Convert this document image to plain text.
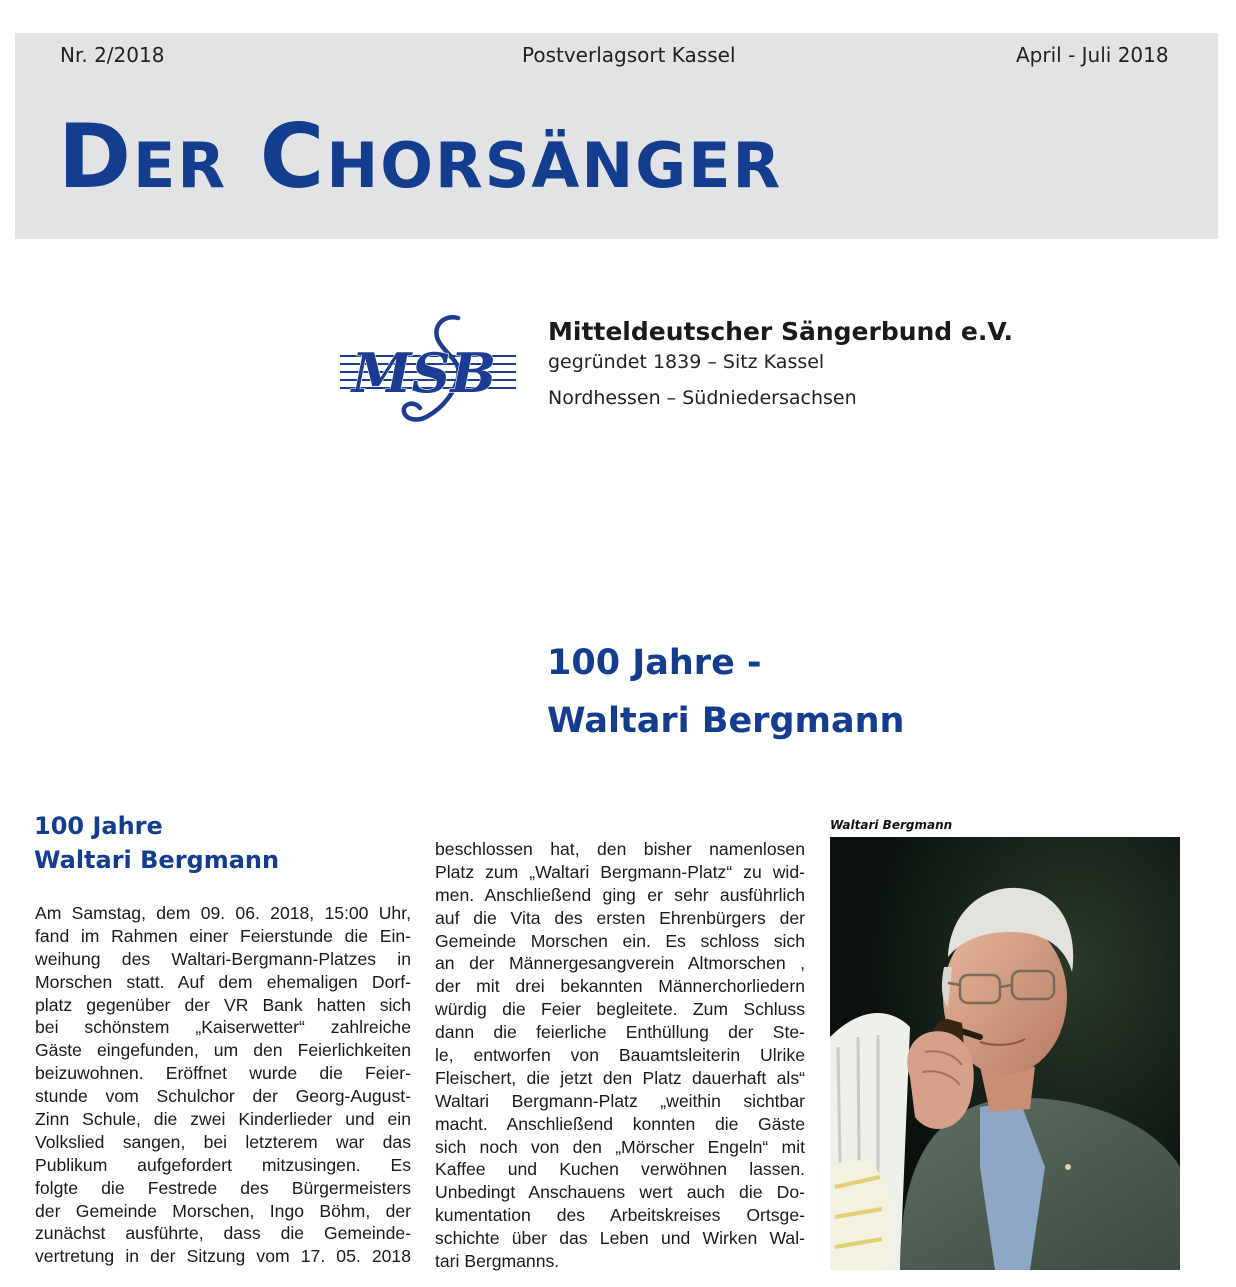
Nr. 2/2018	Postverlagsort Kassel	April - Juli 2018
Der Chorsänger
MSB
Mitteldeutscher Sängerbund e.V.
gegründet 1839 – Sitz Kassel
Nordhessen – Südniedersachsen
100 Jahre -
Waltari Bergmann
100 Jahre
Waltari Bergmann
Am Samstag, dem 09. 06. 2018, 15:00 Uhr,
fand im Rahmen einer Feierstunde die Ein-
weihung des Waltari-Bergmann-Platzes in
Morschen statt. Auf dem ehemaligen Dorf-
platz gegenüber der VR Bank hatten sich
bei schönstem „Kaiserwetter“ zahlreiche
Gäste eingefunden, um den Feierlichkeiten
beizuwohnen. Eröffnet wurde die Feier-
stunde vom Schulchor der Georg-August-
Zinn Schule, die zwei Kinderlieder und ein
Volkslied sangen, bei letzterem war das
Publikum aufgefordert mitzusingen. Es
folgte die Festrede des Bürgermeisters
der Gemeinde Morschen, Ingo Böhm, der
zunächst ausführte, dass die Gemeinde-
vertretung in der Sitzung vom 17. 05. 2018
beschlossen hat, den bisher namenlosen
Platz zum „Waltari Bergmann-Platz“ zu wid-
men. Anschließend ging er sehr ausführlich
auf die Vita des ersten Ehrenbürgers der
Gemeinde Morschen ein. Es schloss sich
an der Männergesangverein Altmorschen ,
der mit drei bekannten Männerchorliedern
würdig die Feier begleitete. Zum Schluss
dann die feierliche Enthüllung der Ste-
le, entworfen von Bauamtsleiterin Ulrike
Fleischert, die jetzt den Platz dauerhaft als“
Waltari Bergmann-Platz „weithin sichtbar
macht. Anschließend konnten die Gäste
sich noch von den „Mörscher Engeln“ mit
Kaffee und Kuchen verwöhnen lassen.
Unbedingt Anschauens wert auch die Do-
kumentation des Arbeitskreises Ortsge-
schichte über das Leben und Wirken Wal-
tari Bergmanns.
Waltari Bergmann
